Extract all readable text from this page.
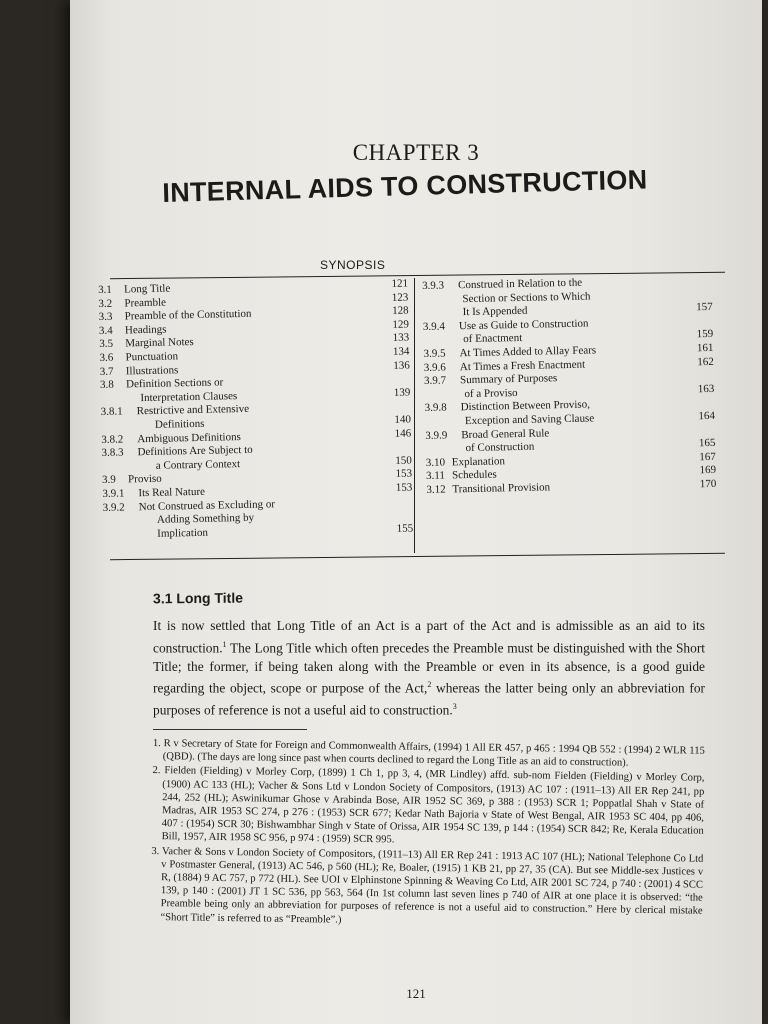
CHAPTER 3
INTERNAL AIDS TO CONSTRUCTION
SYNOPSIS
3.1 Long Title	121
3.2 Preamble	123
3.3 Preamble of the Constitution	128
3.4 Headings	129
3.5 Marginal Notes	133
3.6 Punctuation	134
3.7 Illustrations	136
3.8 Definition Sections or
Interpretation Clauses	139
3.8.1 Restrictive and Extensive
Definitions	140
3.8.2 Ambiguous Definitions	146
3.8.3 Definitions Are Subject to
a Contrary Context	150
3.9 Proviso	153
3.9.1 Its Real Nature	153
3.9.2 Not Construed as Excluding or
Adding Something by
Implication	155
3.9.3 Construed in Relation to the
Section or Sections to Which
It Is Appended	157
3.9.4 Use as Guide to Construction
of Enactment	159
3.9.5 At Times Added to Allay Fears	161
3.9.6 At Times a Fresh Enactment	162
3.9.7 Summary of Purposes
of a Proviso	163
3.9.8 Distinction Between Proviso,
Exception and Saving Clause	164
3.9.9 Broad General Rule
of Construction	165
3.10 Explanation	167
3.11 Schedules	169
3.12 Transitional Provision	170
3.1 Long Title
It is now settled that Long Title of an Act is a part of the Act and is admissible as an aid to its construction.$^1$ The Long Title which often precedes the Preamble must be distinguished with the Short Title; the former, if being taken along with the Preamble or even in its absence, is a good guide regarding the object, scope or purpose of the Act,$^2$ whereas the latter being only an abbreviation for purposes of reference is not a useful aid to construction.$^3$

1. R v Secretary of State for Foreign and Commonwealth Affairs, (1994) 1 All ER 457, p 465 : 1994 QB 552 : (1994) 2 WLR 115 (QBD). (The days are long since past when courts declined to regard the Long Title as an aid to construction).

2. Fielden (Fielding) v Morley Corp, (1899) 1 Ch 1, pp 3, 4, (MR Lindley) affd. sub-nom Fielden (Fielding) v Morley Corp, (1900) AC 133 (HL); Vacher & Sons Ltd v London Society of Compositors, (1913) AC 107 : (1911–13) All ER Rep 241, pp 244, 252 (HL); Aswinikumar Ghose v Arabinda Bose, AIR 1952 SC 369, p 388 : (1953) SCR 1; Poppatlal Shah v State of Madras, AIR 1953 SC 274, p 276 : (1953) SCR 677; Kedar Nath Bajoria v State of West Bengal, AIR 1953 SC 404, pp 406, 407 : (1954) SCR 30; Bishwambhar Singh v State of Orissa, AIR 1954 SC 139, p 144 : (1954) SCR 842; Re, Kerala Education Bill, 1957, AIR 1958 SC 956, p 974 : (1959) SCR 995.

3. Vacher & Sons v London Society of Compositors, (1911–13) All ER Rep 241 : 1913 AC 107 (HL); National Telephone Co Ltd v Postmaster General, (1913) AC 546, p 560 (HL); Re, Boaler, (1915) 1 KB 21, pp 27, 35 (CA). But see Middle-sex Justices v R, (1884) 9 AC 757, p 772 (HL). See UOI v Elphinstone Spinning & Weaving Co Ltd, AIR 2001 SC 724, p 740 : (2001) 4 SCC 139, p 140 : (2001) JT 1 SC 536, pp 563, 564 (In 1st column last seven lines p 740 of AIR at one place it is observed: “the Preamble being only an abbreviation for purposes of reference is not a useful aid to construction.” Here by clerical mistake “Short Title” is referred to as “Preamble”.)

121
